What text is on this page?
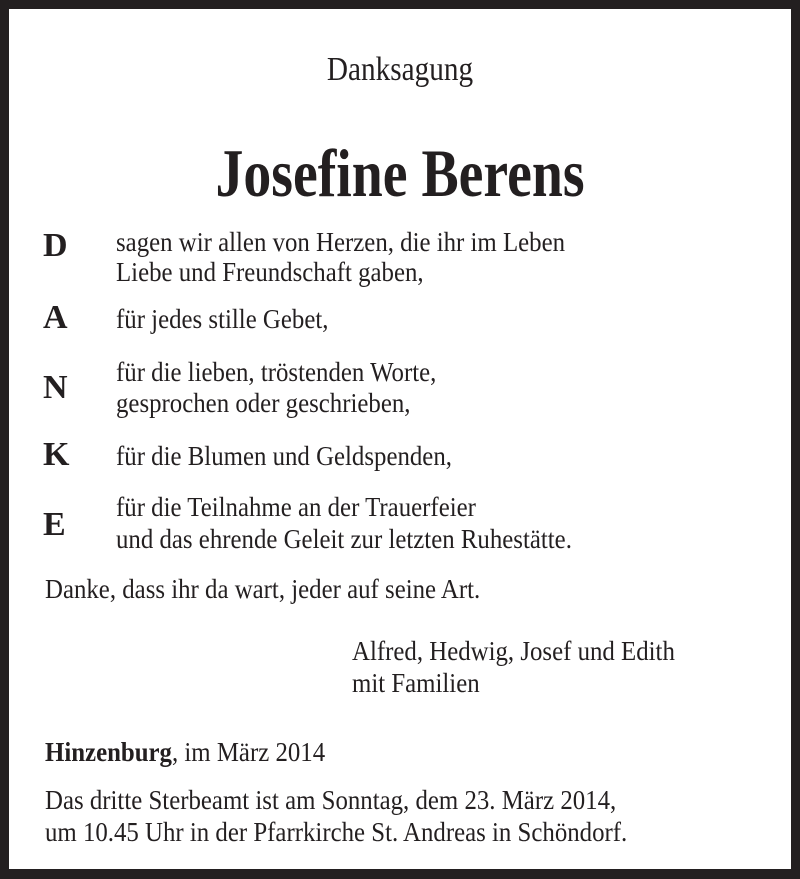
Danksagung
Josefine Berens
D sagen wir allen von Herzen, die ihr im Leben
Liebe und Freundschaft gaben,
A für jedes stille Gebet,
N für die lieben, tröstenden Worte,
gesprochen oder geschrieben,
K für die Blumen und Geldspenden,
E für die Teilnahme an der Trauerfeier
und das ehrende Geleit zur letzten Ruhestätte.
Danke, dass ihr da wart, jeder auf seine Art.
Alfred, Hedwig, Josef und Edith
mit Familien
Hinzenburg, im März 2014
Das dritte Sterbeamt ist am Sonntag, dem 23. März 2014,
um 10.45 Uhr in der Pfarrkirche St. Andreas in Schöndorf.
